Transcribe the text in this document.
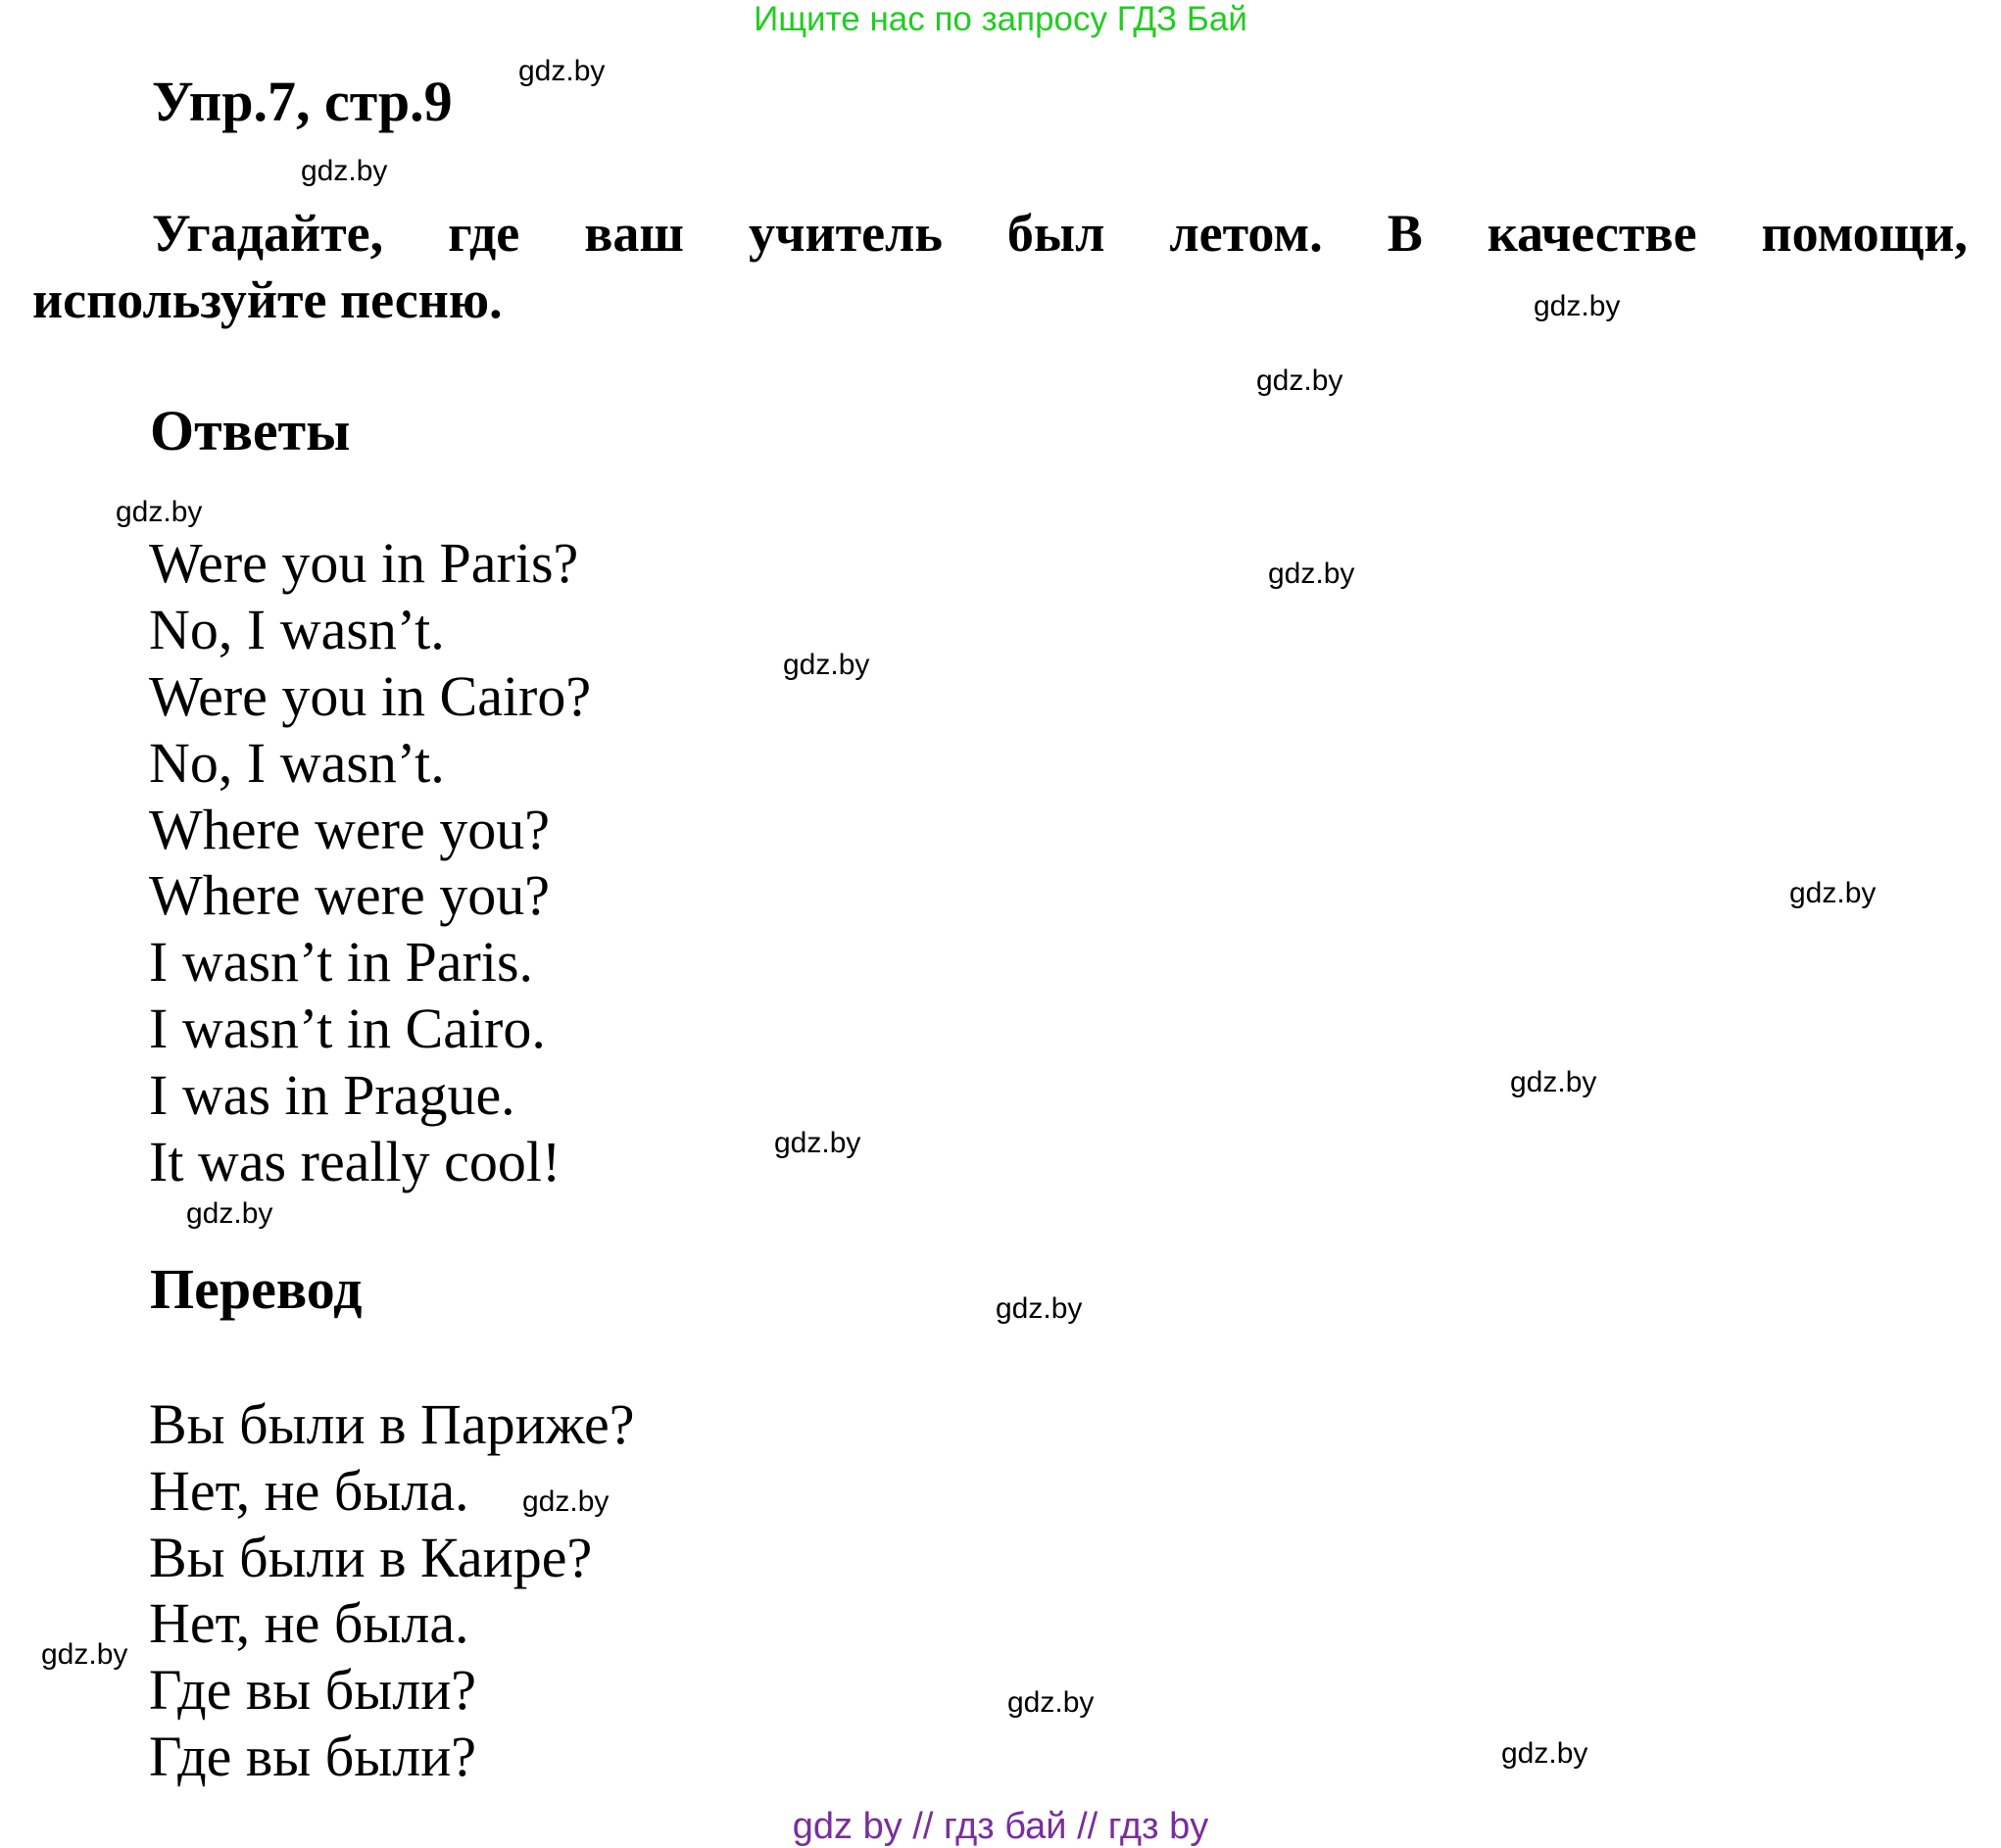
Ищите нас по запросу ГДЗ Бай
Упр.7, стр.9
Угадайте, где ваш учитель был летом. В качестве помощи,
используйте песню.
Ответы
Were you in Paris?
No, I wasn’t.
Were you in Cairo?
No, I wasn’t.
Where were you?
Where were you?
I wasn’t in Paris.
I wasn’t in Cairo.
I was in Prague.
It was really cool!
Перевод
Вы были в Париже?
Нет, не была.
Вы были в Каире?
Нет, не была.
Где вы были?
Где вы были?
gdz.by
gdz.by
gdz.by
gdz.by
gdz.by
gdz.by
gdz.by
gdz.by
gdz.by
gdz.by
gdz.by
gdz.by
gdz.by
gdz.by
gdz.by
gdz.by
gdz by // гдз бай // гдз by
